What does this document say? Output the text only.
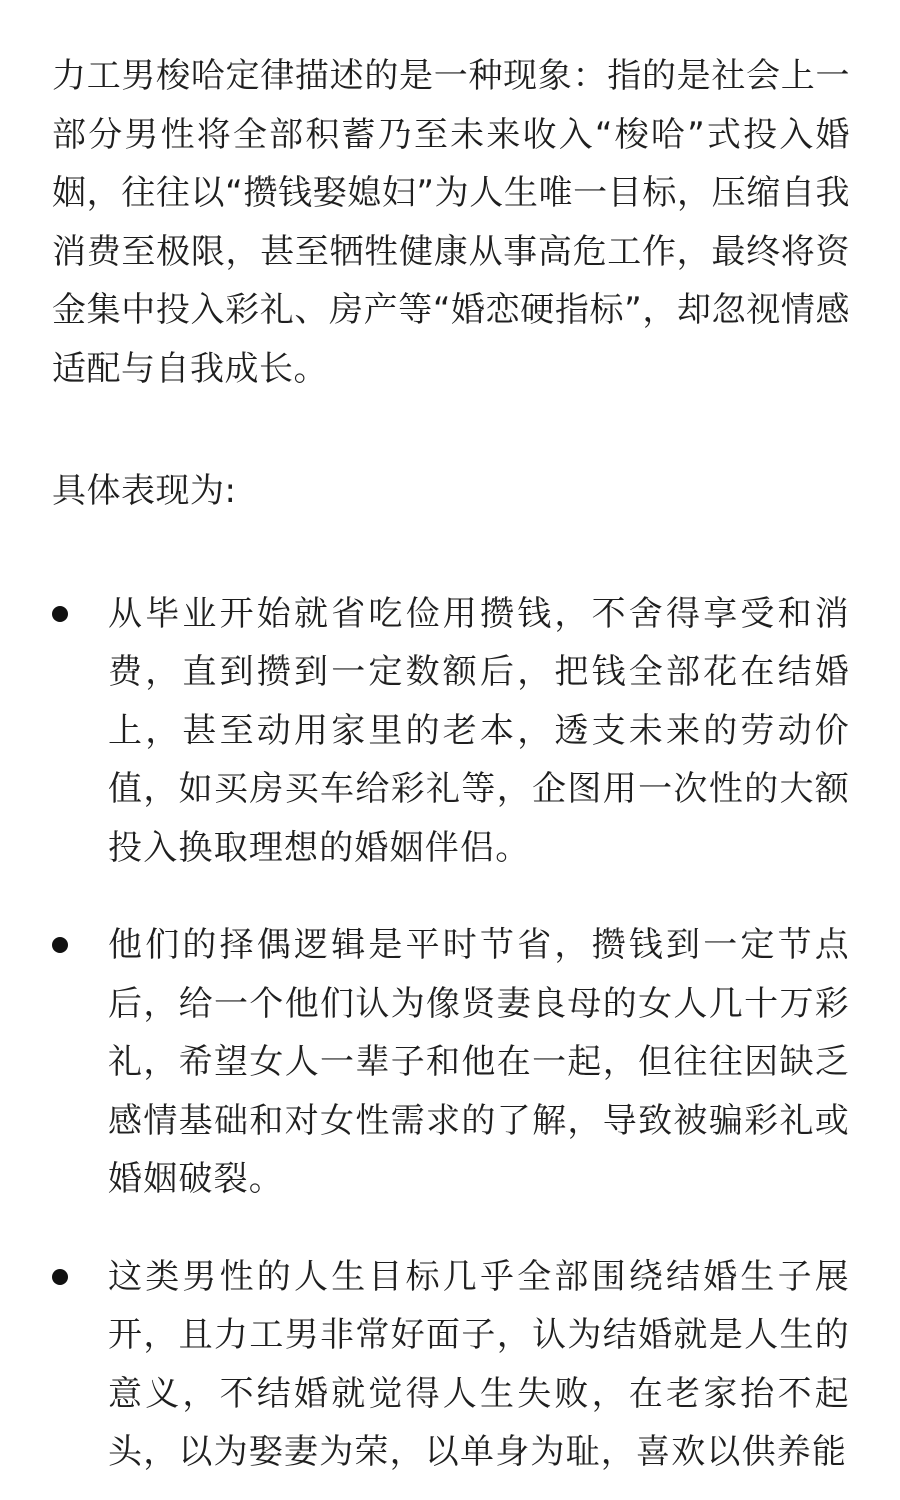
力工男梭哈定律描述的是一种现象：指的是社会上一部分男性将全部积蓄乃至未来收入“梭哈”式投入婚姻，往往以“攒钱娶媳妇”为人生唯一目标，压缩自我消费至极限，甚至牺牲健康从事高危工作，最终将资金集中投入彩礼、房产等“婚恋硬指标”，却忽视情感适配与自我成长。

具体表现为:

从毕业开始就省吃俭用攒钱，不舍得享受和消费，直到攒到一定数额后，把钱全部花在结婚上，甚至动用家里的老本，透支未来的劳动价值，如买房买车给彩礼等，企图用一次性的大额投入换取理想的婚姻伴侣。
他们的择偶逻辑是平时节省，攒钱到一定节点后，给一个他们认为像贤妻良母的女人几十万彩礼，希望女人一辈子和他在一起，但往往因缺乏感情基础和对女性需求的了解，导致被骗彩礼或婚姻破裂。
这类男性的人生目标几乎全部围绕结婚生子展开，且力工男非常好面子，认为结婚就是人生的意义，不结婚就觉得人生失败，在老家抬不起头，以为娶妻为荣，以单身为耻，喜欢以供养能
